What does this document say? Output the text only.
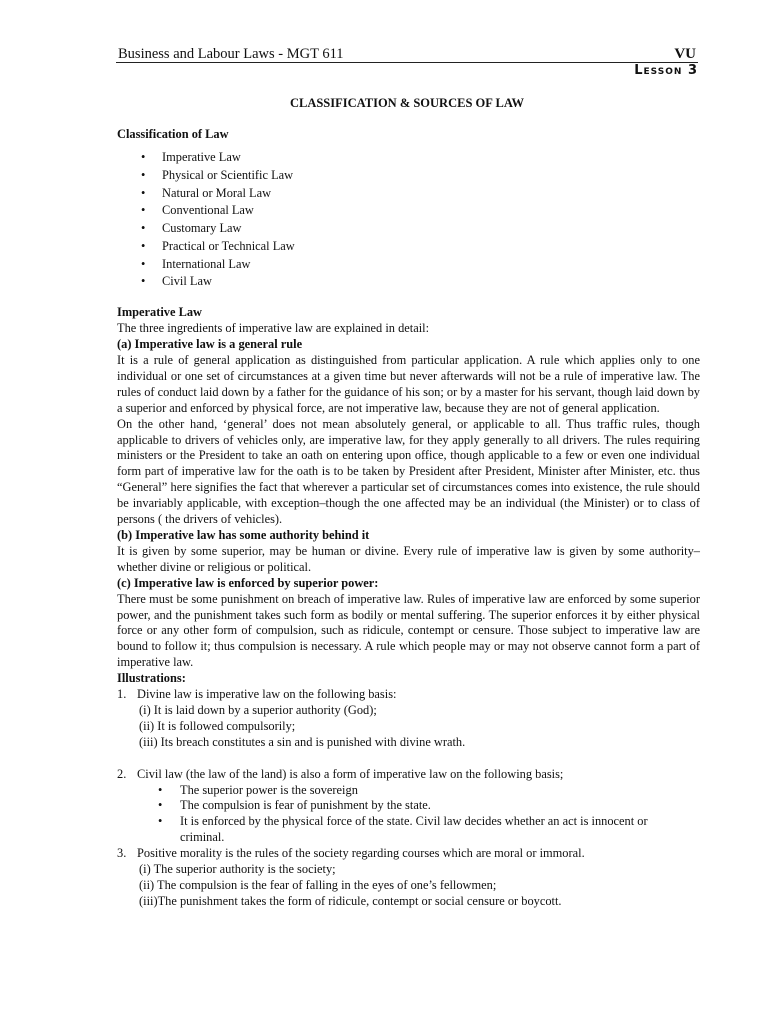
Business and Labour Laws - MGT 611	VU
Lesson 3
CLASSIFICATION & SOURCES OF LAW

Classification of Law

• Imperative Law
• Physical or Scientific Law
• Natural or Moral Law
• Conventional Law
• Customary Law
• Practical or Technical Law
• International Law
• Civil Law

Imperative Law

The three ingredients of imperative law are explained in detail:

(a) Imperative law is a general rule

It is a rule of general application as distinguished from particular application. A rule which applies only to one individual or one set of circumstances at a given time but never afterwards will not be a rule of imperative law. The rules of conduct laid down by a father for the guidance of his son; or by a master for his servant, though laid down by a superior and enforced by physical force, are not imperative law, because they are not of general application.

On the other hand, ‘general’ does not mean absolutely general, or applicable to all. Thus traffic rules, though applicable to drivers of vehicles only, are imperative law, for they apply generally to all drivers. The rules requiring ministers or the President to take an oath on entering upon office, though applicable to a few or even one individual form part of imperative law for the oath is to be taken by President after President, Minister after Minister, etc. thus “General” here signifies the fact that wherever a particular set of circumstances comes into existence, the rule should be invariably applicable, with exception–though the one affected may be an individual (the Minister) or to class of persons ( the drivers of vehicles).

(b) Imperative law has some authority behind it

It is given by some superior, may be human or divine. Every rule of imperative law is given by some authority–whether divine or religious or political.

(c) Imperative law is enforced by superior power:

There must be some punishment on breach of imperative law. Rules of imperative law are enforced by some superior power, and the punishment takes such form as bodily or mental suffering. The superior enforces it by either physical force or any other form of compulsion, such as ridicule, contempt or censure. Those subject to imperative law are bound to follow it; thus compulsion is necessary. A rule which people may or may not observe cannot form a part of imperative law.

Illustrations:

1. Divine law is imperative law on the following basis:

(i) It is laid down by a superior authority (God);

(ii) It is followed compulsorily;

(iii) Its breach constitutes a sin and is punished with divine wrath.

2. Civil law (the law of the land) is also a form of imperative law on the following basis;
• The superior power is the sovereign
• The compulsion is fear of punishment by the state.
• It is enforced by the physical force of the state. Civil law decides whether an act is innocent or criminal.
3. Positive morality is the rules of the society regarding courses which are moral or immoral.

(i) The superior authority is the society;

(ii) The compulsion is the fear of falling in the eyes of one’s fellowmen;

(iii)The punishment takes the form of ridicule, contempt or social censure or boycott.
